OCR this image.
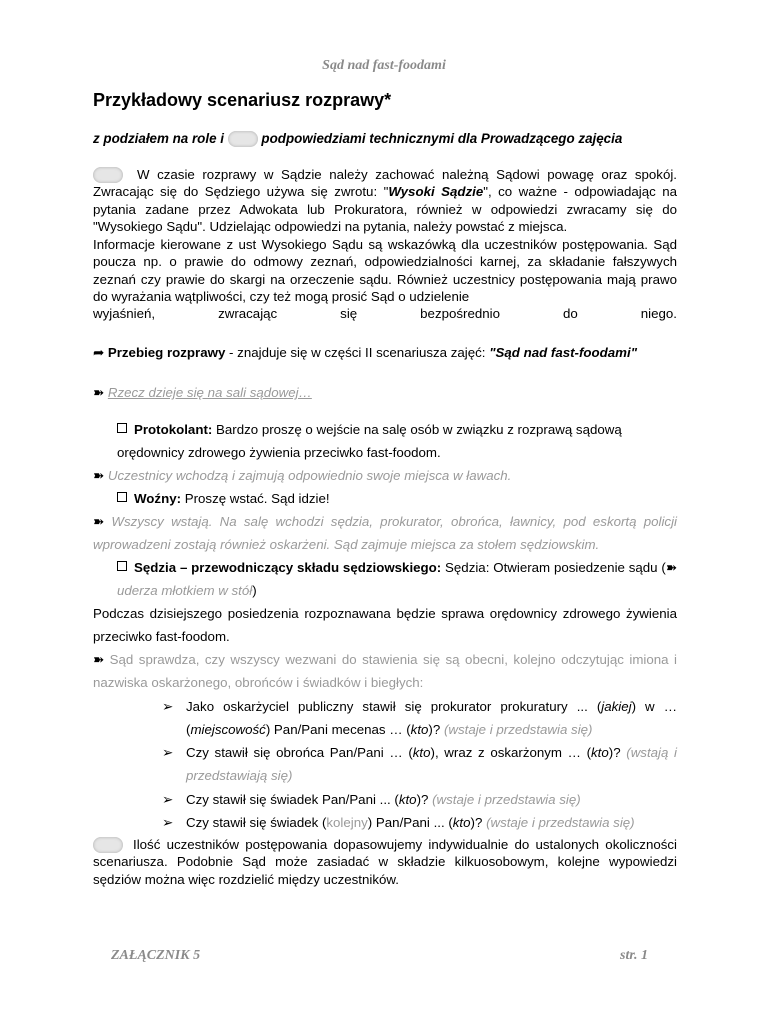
Sąd nad fast-foodami
Przykładowy scenariusz rozprawy*
z podziałem na role i  podpowiedziami technicznymi dla Prowadzącego zajęcia
W czasie rozprawy w Sądzie należy zachować należną Sądowi powagę oraz spokój. Zwracając się do Sędziego używa się zwrotu: "Wysoki Sądzie", co ważne - odpowiadając na pytania zadane przez Adwokata lub Prokuratora, również w odpowiedzi zwracamy się do "Wysokiego Sądu". Udzielając odpowiedzi na pytania, należy powstać z miejsca.
Informacje kierowane z ust Wysokiego Sądu są wskazówką dla uczestników postępowania. Sąd poucza np. o prawie do odmowy zeznań, odpowiedzialności karnej, za składanie fałszywych zeznań czy prawie do skargi na orzeczenie sądu. Również uczestnicy postępowania mają prawo do wyrażania wątpliwości, czy też mogą prosić Sąd o udzielenie
wyjaśnień, zwracając się bezpośrednio do niego.
➦ Przebieg rozprawy - znajduje się w części II scenariusza zajęć: "Sąd nad fast-foodami"
➽ Rzecz dzieje się na sali sądowej…
Protokolant: Bardzo proszę o wejście na salę osób w związku z rozprawą sądową orędownicy zdrowego żywienia przeciwko fast-foodom.
➽ Uczestnicy wchodzą i zajmują odpowiednio swoje miejsca w ławach.
Woźny: Proszę wstać. Sąd idzie!
➽ Wszyscy wstają. Na salę wchodzi sędzia, prokurator, obrońca, ławnicy, pod eskortą policji wprowadzeni zostają również oskarżeni. Sąd zajmuje miejsca za stołem sędziowskim.
Sędzia – przewodniczący składu sędziowskiego: Sędzia: Otwieram posiedzenie sądu (➽ uderza młotkiem w stół)
Podczas dzisiejszego posiedzenia rozpoznawana będzie sprawa orędownicy zdrowego żywienia przeciwko fast-foodom.
➽ Sąd sprawdza, czy wszyscy wezwani do stawienia się są obecni, kolejno odczytując imiona i nazwiska oskarżonego, obrońców i świadków i biegłych:
➢ Jako oskarżyciel publiczny stawił się prokurator prokuratury ... (jakiej) w … (miejscowość) Pan/Pani mecenas … (kto)? (wstaje i przedstawia się)
➢ Czy stawił się obrońca Pan/Pani … (kto), wraz z oskarżonym … (kto)? (wstają i przedstawiają się)
➢ Czy stawił się świadek Pan/Pani ... (kto)? (wstaje i przedstawia się)
➢ Czy stawił się świadek (kolejny) Pan/Pani ... (kto)? (wstaje i przedstawia się)
Ilość uczestników postępowania dopasowujemy indywidualnie do ustalonych okoliczności scenariusza. Podobnie Sąd może zasiadać w składzie kilkuosobowym, kolejne wypowiedzi sędziów można więc rozdzielić między uczestników.
ZAŁĄCZNIK 5	str. 1
